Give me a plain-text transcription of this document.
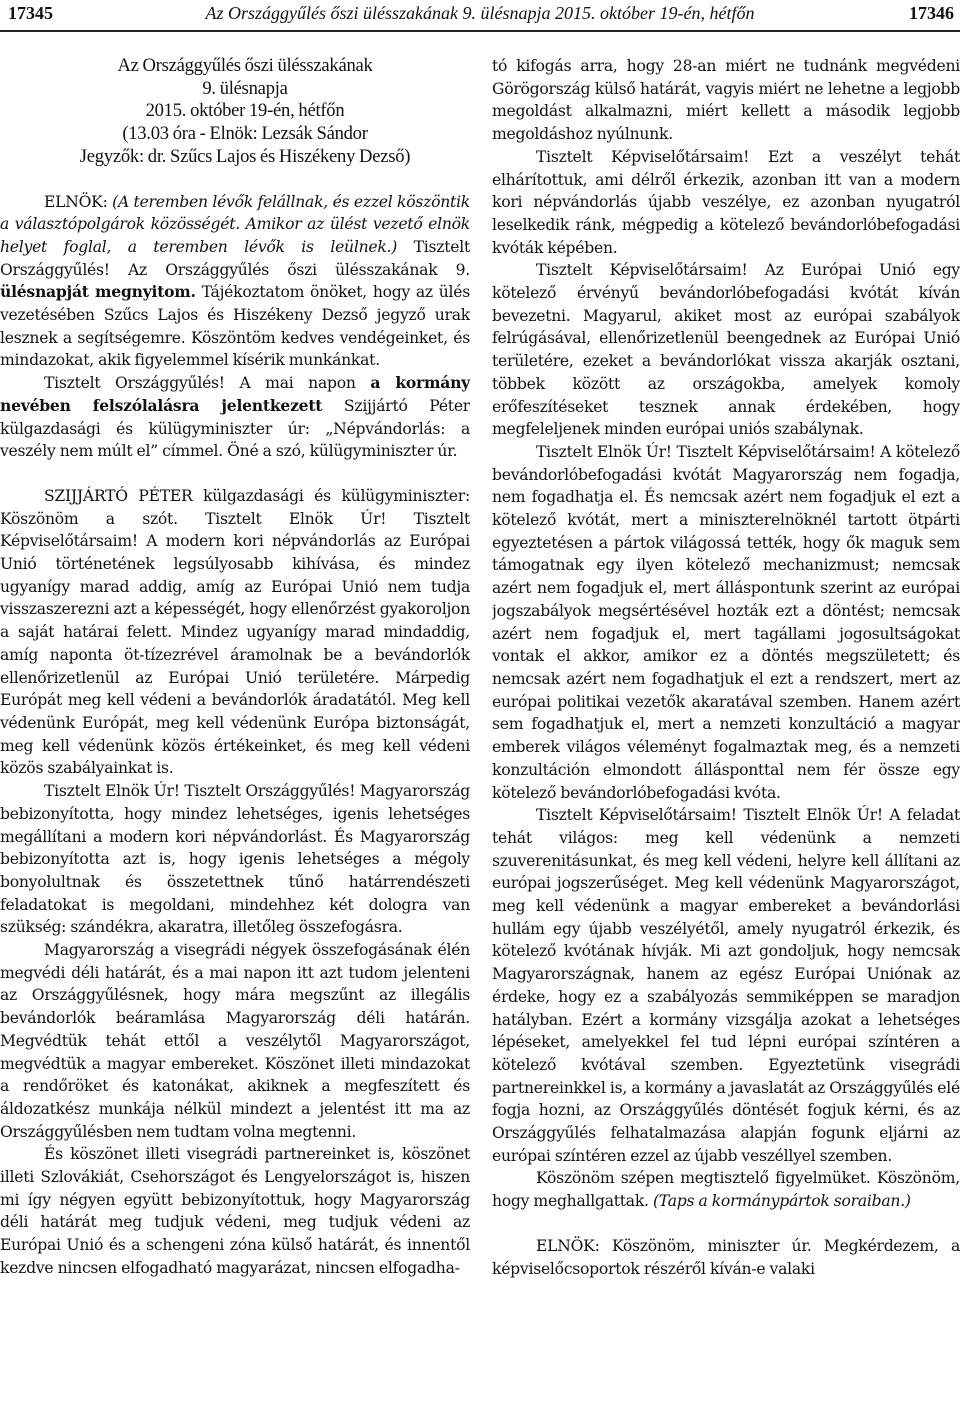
17345	Az Országgyűlés őszi ülésszakának 9. ülésnapja 2015. október 19-én, hétfőn	17346

Az Országgyűlés őszi ülésszakának

9. ülésnapja

2015. október 19-én, hétfőn

(13.03 óra - Elnök: Lezsák Sándor

Jegyzők: dr. Szűcs Lajos és Hiszékeny Dezső)

ELNÖK: (A teremben lévők felállnak, és ezzel köszöntik a választópolgárok közösségét. Amikor az ülést vezető elnök helyet foglal, a teremben lévők is leülnek.) Tisztelt Országgyűlés! Az Országgyűlés őszi ülésszakának 9. ülésnapját megnyitom. Tájékoztatom önöket, hogy az ülés vezetésében Szűcs Lajos és Hiszékeny Dezső jegyző urak lesznek a segítségemre. Köszöntöm kedves vendégeinket, és mindazokat, akik figyelemmel kísérik munkánkat.

Tisztelt Országgyűlés! A mai napon a kormány nevében felszólalásra jelentkezett Szijjártó Péter külgazdasági és külügyminiszter úr: „Népvándorlás: a veszély nem múlt el” címmel. Öné a szó, külügyminiszter úr.

SZIJJÁRTÓ PÉTER külgazdasági és külügyminiszter: Köszönöm a szót. Tisztelt Elnök Úr! Tisztelt Képviselőtársaim! A modern kori népvándorlás az Európai Unió történetének legsúlyosabb kihívása, és mindez ugyanígy marad addig, amíg az Európai Unió nem tudja visszaszerezni azt a képességét, hogy ellenőrzést gyakoroljon a saját határai felett. Mindez ugyanígy marad mindaddig, amíg naponta öt-tízezrével áramolnak be a bevándorlók ellenőrizetlenül az Európai Unió területére. Márpedig Európát meg kell védeni a bevándorlók áradatától. Meg kell védenünk Európát, meg kell védenünk Európa biztonságát, meg kell védenünk közös értékeinket, és meg kell védeni közös szabályainkat is.

Tisztelt Elnök Úr! Tisztelt Országgyűlés! Magyarország bebizonyította, hogy mindez lehetséges, igenis lehetséges megállítani a modern kori népvándorlást. És Magyarország bebizonyította azt is, hogy igenis lehetséges a mégoly bonyolultnak és összetettnek tűnő határrendészeti feladatokat is megoldani, mindehhez két dologra van szükség: szándékra, akaratra, illetőleg összefogásra.

Magyarország a visegrádi négyek összefogásának élén megvédi déli határát, és a mai napon itt azt tudom jelenteni az Országgyűlésnek, hogy mára megszűnt az illegális bevándorlók beáramlása Magyarország déli határán. Megvédtük tehát ettől a veszélytől Magyarországot, megvédtük a magyar embereket. Köszönet illeti mindazokat a rendőröket és katonákat, akiknek a megfeszített és áldozatkész munkája nélkül mindezt a jelentést itt ma az Országgyűlésben nem tudtam volna megtenni.

És köszönet illeti visegrádi partnereinket is, köszönet illeti Szlovákiát, Csehországot és Lengyelországot is, hiszen mi így négyen együtt bebizonyítottuk, hogy Magyarország déli határát meg tudjuk védeni, meg tudjuk védeni az Európai Unió és a schengeni zóna külső határát, és innentől kezdve nincsen elfogadható magyarázat, nincsen elfogadha-

tó kifogás arra, hogy 28-an miért ne tudnánk megvédeni Görögország külső határát, vagyis miért ne lehetne a legjobb megoldást alkalmazni, miért kellett a második legjobb megoldáshoz nyúlnunk.

Tisztelt Képviselőtársaim! Ezt a veszélyt tehát elhárítottuk, ami délről érkezik, azonban itt van a modern kori népvándorlás újabb veszélye, ez azonban nyugatról leselkedik ránk, mégpedig a kötelező bevándorlóbefogadási kvóták képében.

Tisztelt Képviselőtársaim! Az Európai Unió egy kötelező érvényű bevándorlóbefogadási kvótát kíván bevezetni. Magyarul, akiket most az európai szabályok felrúgásával, ellenőrizetlenül beengednek az Európai Unió területére, ezeket a bevándorlókat vissza akarják osztani, többek között az országokba, amelyek komoly erőfeszítéseket tesznek annak érdekében, hogy megfeleljenek minden európai uniós szabálynak.

Tisztelt Elnök Úr! Tisztelt Képviselőtársaim! A kötelező bevándorlóbefogadási kvótát Magyarország nem fogadja, nem fogadhatja el. És nemcsak azért nem fogadjuk el ezt a kötelező kvótát, mert a miniszterelnöknél tartott ötpárti egyeztetésen a pártok világossá tették, hogy ők maguk sem támogatnak egy ilyen kötelező mechanizmust; nemcsak azért nem fogadjuk el, mert álláspontunk szerint az európai jogszabályok megsértésével hozták ezt a döntést; nemcsak azért nem fogadjuk el, mert tagállami jogosultságokat vontak el akkor, amikor ez a döntés megszületett; és nemcsak azért nem fogadhatjuk el ezt a rendszert, mert az európai politikai vezetők akaratával szemben. Hanem azért sem fogadhatjuk el, mert a nemzeti konzultáció a magyar emberek világos véleményt fogalmaztak meg, és a nemzeti konzultáción elmondott állásponttal nem fér össze egy kötelező bevándorlóbefogadási kvóta.

Tisztelt Képviselőtársaim! Tisztelt Elnök Úr! A feladat tehát világos: meg kell védenünk a nemzeti szuverenitásunkat, és meg kell védeni, helyre kell állítani az európai jogszerűséget. Meg kell védenünk Magyarországot, meg kell védenünk a magyar embereket a bevándorlási hullám egy újabb veszélyétől, amely nyugatról érkezik, és kötelező kvótának hívják. Mi azt gondoljuk, hogy nemcsak Magyarországnak, hanem az egész Európai Uniónak az érdeke, hogy ez a szabályozás semmiképpen se maradjon hatályban. Ezért a kormány vizsgálja azokat a lehetséges lépéseket, amelyekkel fel tud lépni európai színtéren a kötelező kvótával szemben. Egyeztetünk visegrádi partnereinkkel is, a kormány a javaslatát az Országgyűlés elé fogja hozni, az Országgyűlés döntését fogjuk kérni, és az Országgyűlés felhatalmazása alapján fogunk eljárni az európai színtéren ezzel az újabb veszéllyel szemben.

Köszönöm szépen megtisztelő figyelmüket. Köszönöm, hogy meghallgattak. (Taps a kormánypártok soraiban.)

ELNÖK: Köszönöm, miniszter úr. Megkérdezem, a képviselőcsoportok részéről kíván-e valaki
